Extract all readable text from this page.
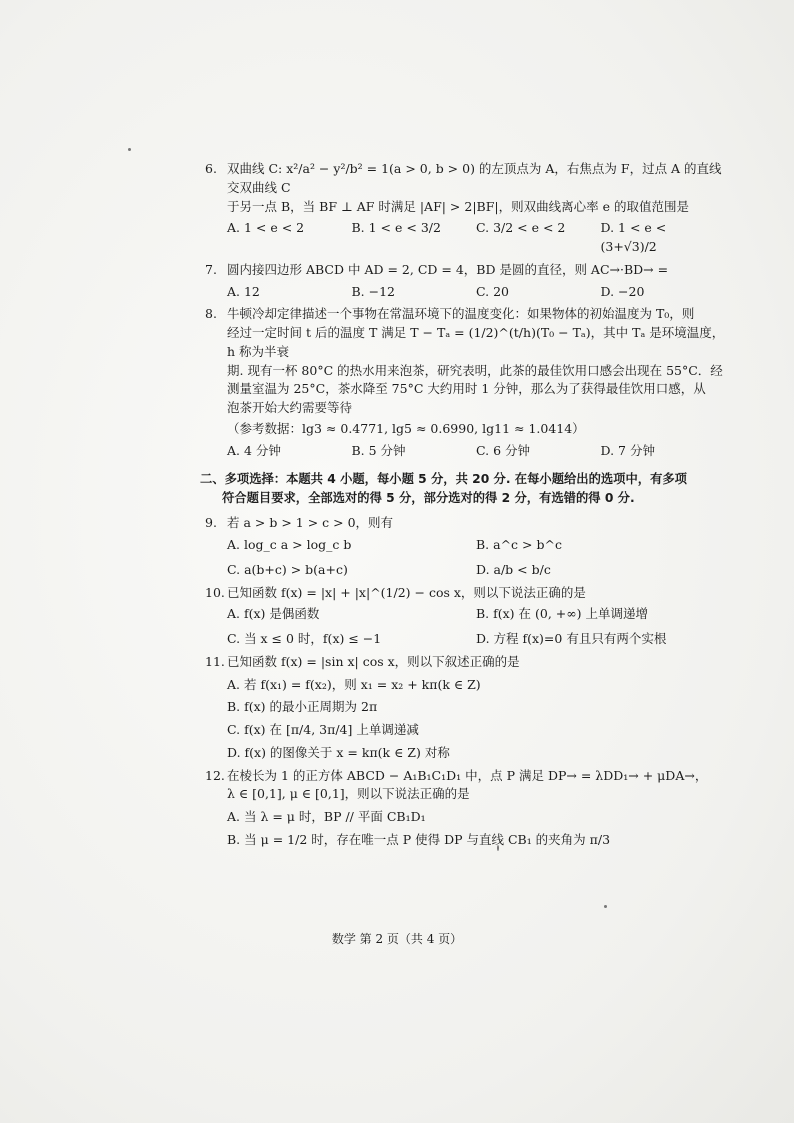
6. 双曲线 C: x²/a² − y²/b² = 1(a > 0, b > 0) 的左顶点为 A，右焦点为 F，过点 A 的直线交双曲线 C
于另一点 B，当 BF ⊥ AF 时满足 |AF| > 2|BF|，则双曲线离心率 e 的取值范围是
A. 1 < e < 2	B. 1 < e < 3/2	C. 3/2 < e < 2	D. 1 < e < (3+√3)/2
7. 圆内接四边形 ABCD 中 AD = 2, CD = 4，BD 是圆的直径，则 AC→·BD→ =
A. 12	B. −12	C. 20	D. −20
8. 牛顿冷却定律描述一个事物在常温环境下的温度变化：如果物体的初始温度为 T₀，则
经过一定时间 t 后的温度 T 满足 T − Tₐ = (1/2)^(t/h)(T₀ − Tₐ)，其中 Tₐ 是环境温度，h 称为半衰
期. 现有一杯 80°C 的热水用来泡茶，研究表明，此茶的最佳饮用口感会出现在 55°C．经
测量室温为 25°C，茶水降至 75°C 大约用时 1 分钟，那么为了获得最佳饮用口感，从
泡茶开始大约需要等待
（参考数据：lg3 ≈ 0.4771, lg5 ≈ 0.6990, lg11 ≈ 1.0414）
A. 4 分钟	B. 5 分钟	C. 6 分钟	D. 7 分钟
二、多项选择：本题共 4 小题，每小题 5 分，共 20 分. 在每小题给出的选项中，有多项
符合题目要求，全部选对的得 5 分，部分选对的得 2 分，有选错的得 0 分.
9. 若 a > b > 1 > c > 0，则有
A. log_c a > log_c b	B. a^c > b^c
C. a(b+c) > b(a+c)	D. a/b < b/c
10. 已知函数 f(x) = |x| + |x|^(1/2) − cos x，则以下说法正确的是
A. f(x) 是偶函数	B. f(x) 在 (0, +∞) 上单调递增
C. 当 x ≤ 0 时，f(x) ≤ −1	D. 方程 f(x)=0 有且只有两个实根
11. 已知函数 f(x) = |sin x| cos x，则以下叙述正确的是
A. 若 f(x₁) = f(x₂)，则 x₁ = x₂ + kπ(k ∈ Z)
B. f(x) 的最小正周期为 2π
C. f(x) 在 [π/4, 3π/4] 上单调递减
D. f(x) 的图像关于 x = kπ(k ∈ Z) 对称
12. 在棱长为 1 的正方体 ABCD − A₁B₁C₁D₁ 中，点 P 满足 DP→ = λDD₁→ + μDA→，
λ ∈ [0,1], μ ∈ [0,1]，则以下说法正确的是
A. 当 λ = μ 时，BP // 平面 CB₁D₁
B. 当 μ = 1/2 时，存在唯一点 P 使得 DP 与直线 CB₁ 的夹角为 π/3
数学 第 2 页（共 4 页）
